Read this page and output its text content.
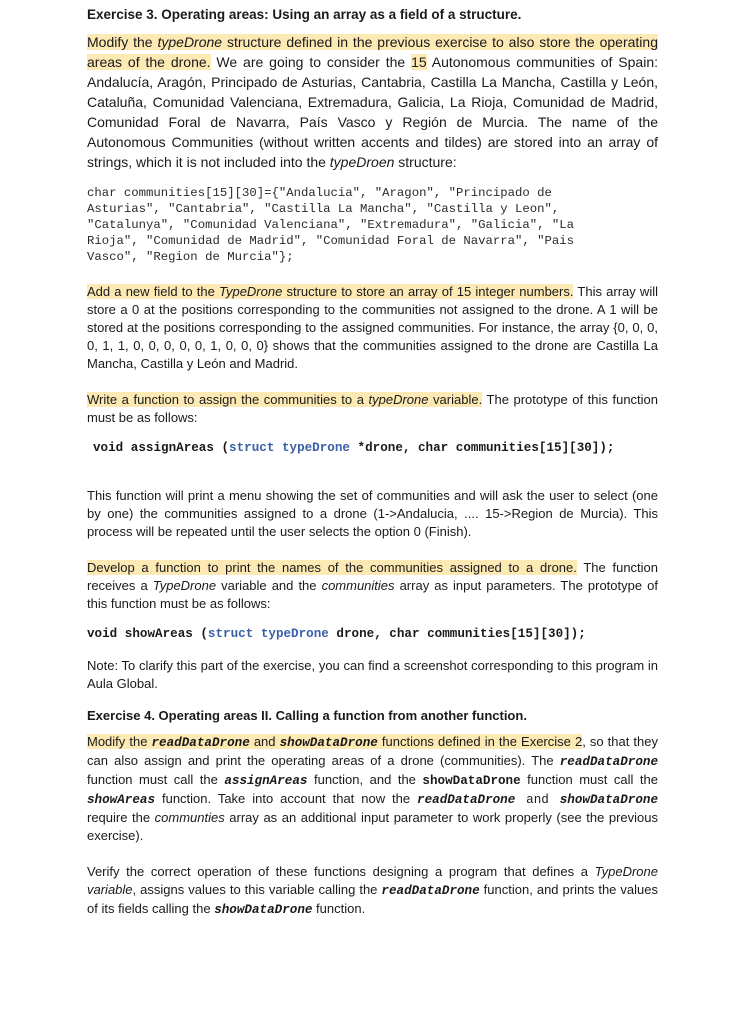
Exercise 3. Operating areas: Using an array as a field of a structure.

Modify the typeDrone structure defined in the previous exercise to also store the operating areas of the drone. We are going to consider the 15 Autonomous communities of Spain: Andalucía, Aragón, Principado de Asturias, Cantabria, Castilla La Mancha, Castilla y León, Cataluña, Comunidad Valenciana, Extremadura, Galicia, La Rioja, Comunidad de Madrid, Comunidad Foral de Navarra, País Vasco y Región de Murcia. The name of the Autonomous Communities (without written accents and tildes) are stored into an array of strings, which it is not included into the typeDroen structure:

char communities[15][30]={"Andalucia", "Aragon", "Principado de
Asturias", "Cantabria", "Castilla La Mancha", "Castilla y Leon",
"Catalunya", "Comunidad Valenciana", "Extremadura", "Galicia", "La
Rioja", "Comunidad de Madrid", "Comunidad Foral de Navarra", "Pais
Vasco", "Region de Murcia"};

Add a new field to the TypeDrone structure to store an array of 15 integer numbers. This array will store a 0 at the positions corresponding to the communities not assigned to the drone. A 1 will be stored at the positions corresponding to the assigned communities. For instance, the array {0, 0, 0, 0, 1, 1, 0, 0, 0, 0, 0, 1, 0, 0, 0} shows that the communities assigned to the drone are Castilla La Mancha, Castilla y León and Madrid.

Write a function to assign the communities to a typeDrone variable. The prototype of this function must be as follows:

void assignAreas (struct typeDrone *drone, char communities[15][30]);

This function will print a menu showing the set of communities and will ask the user to select (one by one) the communities assigned to a drone (1->Andalucia, .... 15->Region de Murcia). This process will be repeated until the user selects the option 0 (Finish).

Develop a function to print the names of the communities assigned to a drone. The function receives a TypeDrone variable and the communities array as input parameters. The prototype of this function must be as follows:

void showAreas (struct typeDrone drone, char communities[15][30]);

Note: To clarify this part of the exercise, you can find a screenshot corresponding to this program in Aula Global.

Exercise 4. Operating areas II. Calling a function from another function.

Modify the readDataDrone and showDataDrone functions defined in the Exercise 2, so that they can also assign and print the operating areas of a drone (communities). The readDataDrone function must call the assignAreas function, and the showDataDrone function must call the showAreas function. Take into account that now the readDataDrone and showDataDrone require the communties array as an additional input parameter to work properly (see the previous exercise).

Verify the correct operation of these functions designing a program that defines a TypeDrone variable, assigns values to this variable calling the readDataDrone function, and prints the values of its fields calling the showDataDrone function.
